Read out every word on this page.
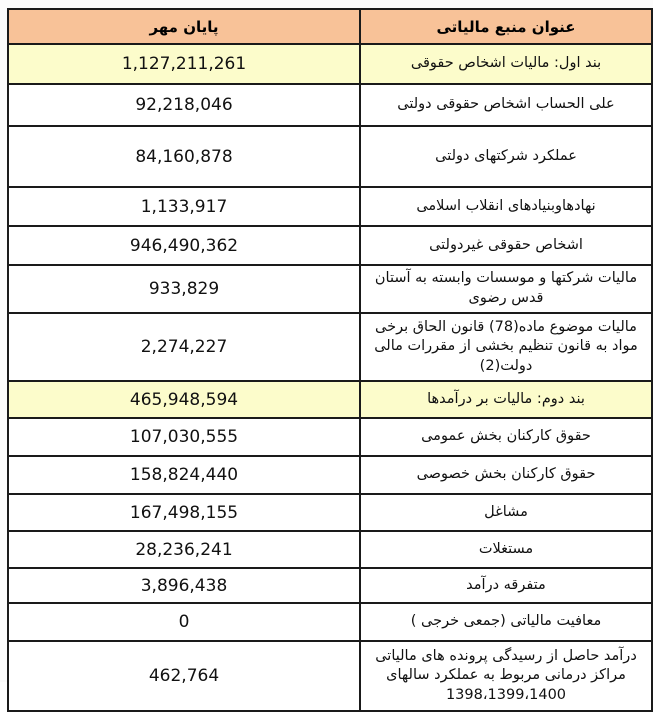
عنوان منبع مالیاتی	پایان مهر
بند اول: مالیات اشخاص حقوقی	1,127,211,261
علی الحساب اشخاص حقوقی دولتی	92,218,046
عملکرد شرکتهای دولتی	84,160,878
نهادهاوبنیادهای انقلاب اسلامی	1,133,917
اشخاص حقوقی غیردولتی	946,490,362
مالیات شرکتها و موسسات وابسته به آستان قدس رضوی	933,829
مالیات موضوع ماده(78) قانون الحاق برخی مواد به قانون تنظیم بخشی از مقررات مالی دولت(2)	2,274,227
بند دوم: مالیات بر درآمدها	465,948,594
حقوق کارکنان بخش عمومی	107,030,555
حقوق کارکنان بخش خصوصی	158,824,440
مشاغل	167,498,155
مستغلات	28,236,241
متفرقه درآمد	3,896,438
معافیت مالیاتی (جمعی خرجی )	0
درآمد حاصل از رسیدگی پرونده های مالیاتی مراکز درمانی مربوط به عملکرد سالهای 1398،1399،1400	462,764
